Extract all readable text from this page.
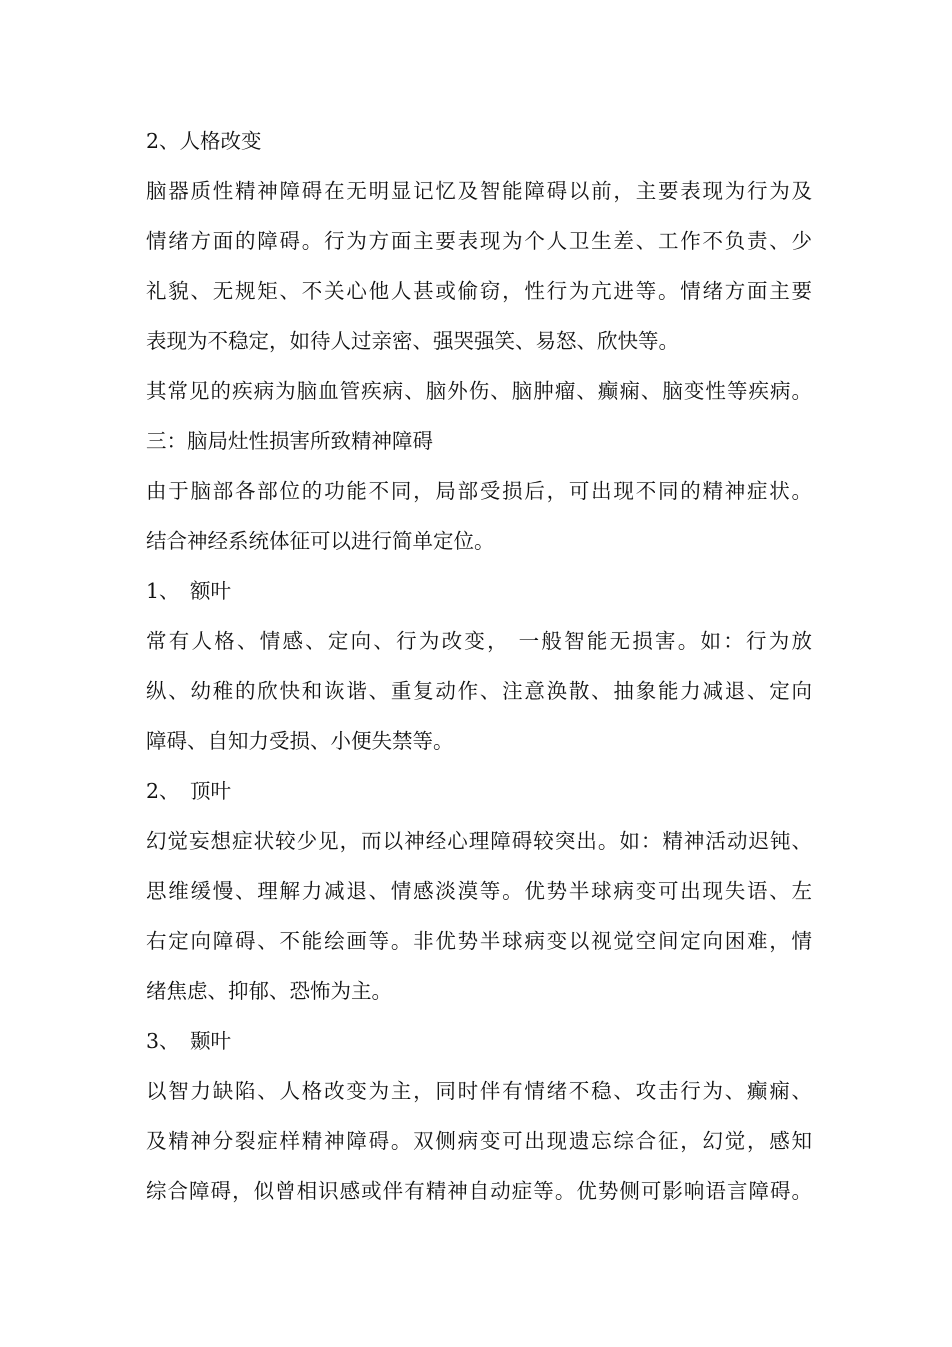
2、人格改变
脑器质性精神障碍在无明显记忆及智能障碍以前，主要表现为行为及
情绪方面的障碍。行为方面主要表现为个人卫生差、工作不负责、少
礼貌、无规矩、不关心他人甚或偷窃，性行为亢进等。情绪方面主要
表现为不稳定，如待人过亲密、强哭强笑、易怒、欣快等。
其常见的疾病为脑血管疾病、脑外伤、脑肿瘤、癫痫、脑变性等疾病。
三：脑局灶性损害所致精神障碍
由于脑部各部位的功能不同，局部受损后，可出现不同的精神症状。
结合神经系统体征可以进行简单定位。
1、 额叶
常有人格、情感、定向、行为改变， 一般智能无损害。如：行为放
纵、幼稚的欣快和诙谐、重复动作、注意涣散、抽象能力减退、定向
障碍、自知力受损、小便失禁等。
2、 顶叶
幻觉妄想症状较少见，而以神经心理障碍较突出。如：精神活动迟钝、
思维缓慢、理解力减退、情感淡漠等。优势半球病变可出现失语、左
右定向障碍、不能绘画等。非优势半球病变以视觉空间定向困难，情
绪焦虑、抑郁、恐怖为主。
3、 颞叶
以智力缺陷、人格改变为主，同时伴有情绪不稳、攻击行为、癫痫、
及精神分裂症样精神障碍。双侧病变可出现遗忘综合征，幻觉，感知
综合障碍，似曾相识感或伴有精神自动症等。优势侧可影响语言障碍。
